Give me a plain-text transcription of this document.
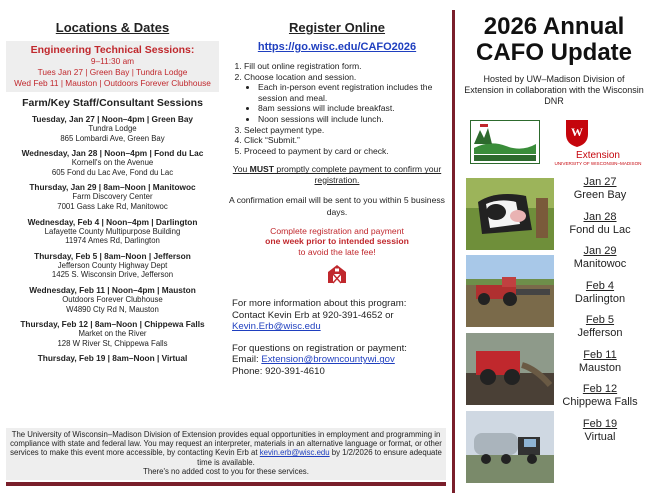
Locations & Dates
Engineering Technical Sessions:
9–11:30 am
Tues Jan 27 | Green Bay | Tundra Lodge
Wed Feb 11 | Mauston | Outdoors Forever Clubhouse
Farm/Key Staff/Consultant Sessions
Tuesday, Jan 27 | Noon–4pm | Green Bay
Tundra Lodge
865 Lombardi Ave, Green Bay
Wednesday, Jan 28 | Noon–4pm | Fond du Lac
Kornell's on the Avenue
605 Fond du Lac Ave, Fond du Lac
Thursday, Jan 29 | 8am–Noon | Manitowoc
Farm Discovery Center
7001 Gass Lake Rd, Manitowoc
Wednesday, Feb 4 | Noon–4pm | Darlington
Lafayette County Multipurpose Building
11974 Ames Rd, Darlington
Thursday, Feb 5 | 8am–Noon | Jefferson
Jefferson County Highway Dept
1425 S. Wisconsin Drive, Jefferson
Wednesday, Feb 11 | Noon–4pm | Mauston
Outdoors Forever Clubhouse
W4890 Cty Rd N, Mauston
Thursday, Feb 12 | 8am–Noon | Chippewa Falls
Market on the River
128 W River St, Chippewa Falls
Thursday, Feb 19 | 8am–Noon | Virtual
Register Online
https://go.wisc.edu/CAFO2026
1. Fill out online registration form.
2. Choose location and session.
• Each in-person event registration includes the session and meal.
• 8am sessions will include breakfast.
• Noon sessions will include lunch.
3. Select payment type.
4. Click “Submit.”
5. Proceed to payment by card or check.
You MUST promptly complete payment to confirm your registration.
A confirmation email will be sent to you within 5 business days.
Complete registration and payment
one week prior to intended session
to avoid the late fee!
For more information about this program:
Contact Kevin Erb at 920-391-4652 or
Kevin.Erb@wisc.edu
For questions on registration or payment:
Email: Extension@browncountywi.gov
Phone: 920-391-4610
2026 Annual
CAFO Update
Hosted by UW–Madison Division of Extension in collaboration with the Wisconsin DNR
W
Extension
UNIVERSITY OF WISCONSIN–MADISON
Jan 27
Green Bay
Jan 28
Fond du Lac
Jan 29
Manitowoc
Feb 4
Darlington
Feb 5
Jefferson
Feb 11
Mauston
Feb 12
Chippewa Falls
Feb 19
Virtual
The University of Wisconsin–Madison Division of Extension provides equal opportunities in employment and programming in compliance with state and federal law. You may request an interpreter, materials in an alternative language or format, or other services to make this event more accessible, by contacting Kevin Erb at kevin.erb@wisc.edu by 1/2/2026 to ensure adequate time is available.
There's no added cost to you for these services.
